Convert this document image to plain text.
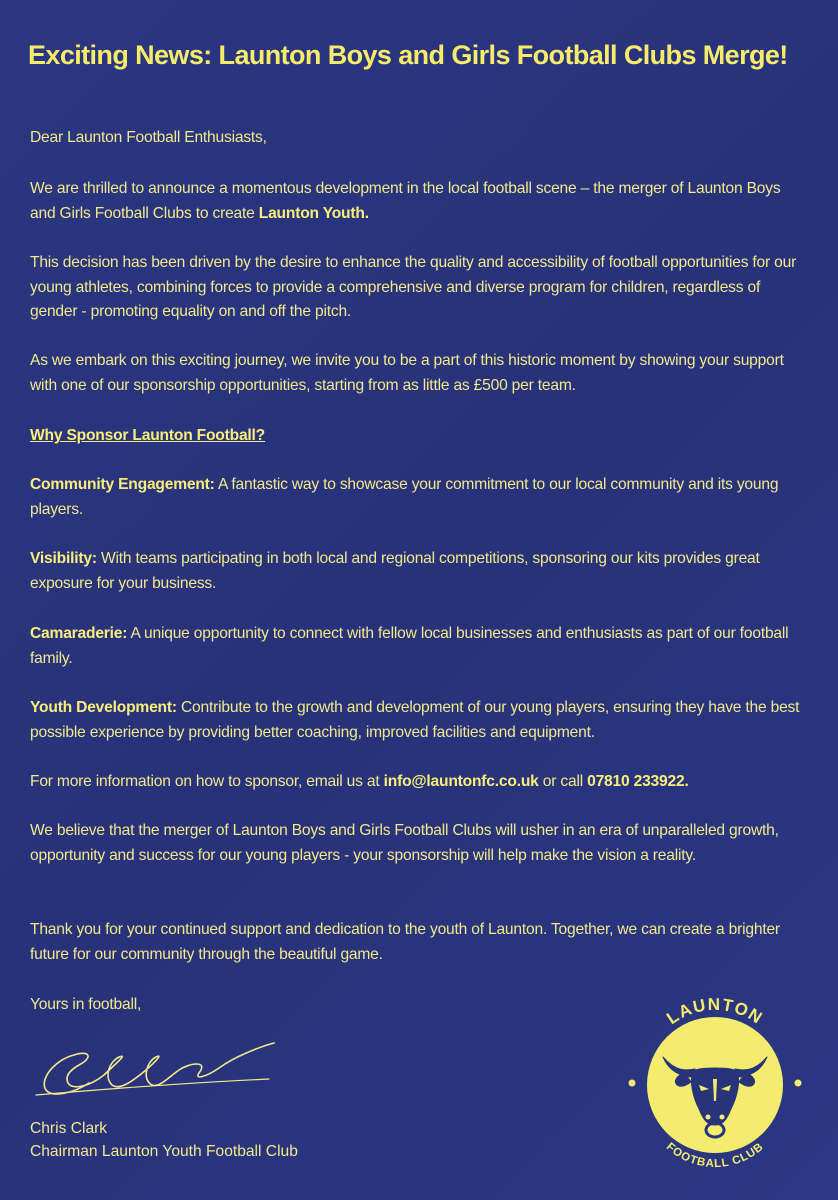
Exciting News: Launton Boys and Girls Football Clubs Merge!
Dear Launton Football Enthusiasts,
We are thrilled to announce a momentous development in the local football scene – the merger of Launton Boys and Girls Football Clubs to create Launton Youth.
This decision has been driven by the desire to enhance the quality and accessibility of football opportunities for our young athletes, combining forces to provide a comprehensive and diverse program for children, regardless of gender - promoting equality on and off the pitch.
As we embark on this exciting journey, we invite you to be a part of this historic moment by showing your support with one of our sponsorship opportunities, starting from as little as £500 per team.
Why Sponsor Launton Football?
Community Engagement: A fantastic way to showcase your commitment to our local community and its young players.
Visibility: With teams participating in both local and regional competitions, sponsoring our kits provides great exposure for your business.
Camaraderie: A unique opportunity to connect with fellow local businesses and enthusiasts as part of our football family.
Youth Development: Contribute to the growth and development of our young players, ensuring they have the best possible experience by providing better coaching, improved facilities and equipment.
For more information on how to sponsor, email us at info@launtonfc.co.uk or call 07810 233922.
We believe that the merger of Launton Boys and Girls Football Clubs will usher in an era of unparalleled growth, opportunity and success for our young players - your sponsorship will help make the vision a reality.
Thank you for your continued support and dedication to the youth of Launton. Together, we can create a brighter future for our community through the beautiful game.
Yours in football,
Chris Clark
Chairman Launton Youth Football Club
LAUNTON
FOOTBALL CLUB
